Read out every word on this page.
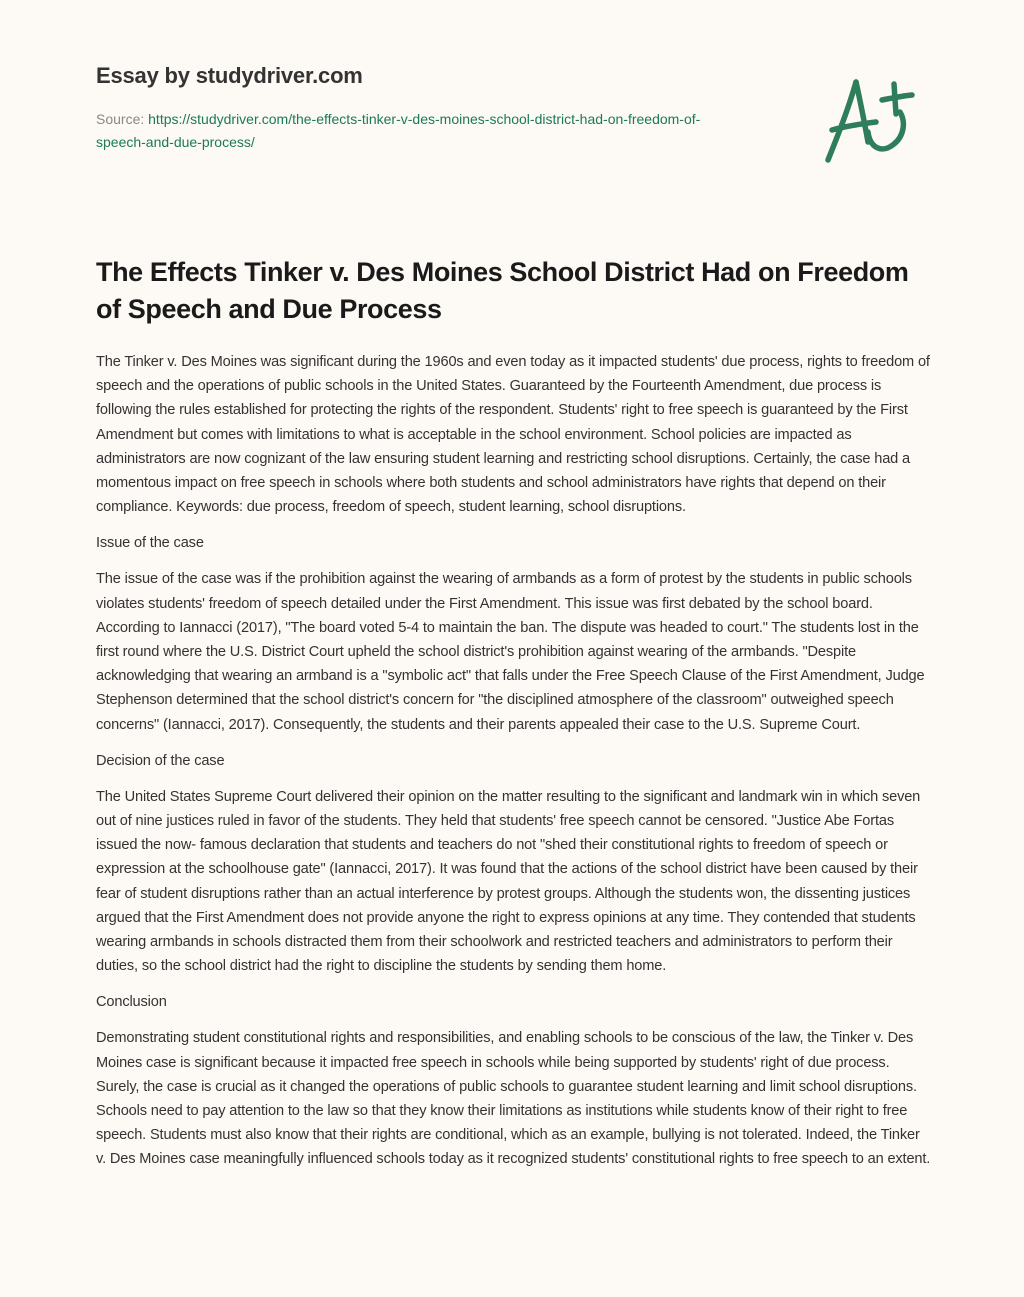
Essay by studydriver.com
Source: https://studydriver.com/the-effects-tinker-v-des-moines-school-district-had-on-freedom-of-speech-and-due-process/
The Effects Tinker v. Des Moines School District Had on Freedom of Speech and Due Process

The Tinker v. Des Moines was significant during the 1960s and even today as it impacted students' due process, rights to freedom of speech and the operations of public schools in the United States. Guaranteed by the Fourteenth Amendment, due process is following the rules established for protecting the rights of the respondent. Students' right to free speech is guaranteed by the First Amendment but comes with limitations to what is acceptable in the school environment. School policies are impacted as administrators are now cognizant of the law ensuring student learning and restricting school disruptions. Certainly, the case had a momentous impact on free speech in schools where both students and school administrators have rights that depend on their compliance. Keywords: due process, freedom of speech, student learning, school disruptions.

Issue of the case

The issue of the case was if the prohibition against the wearing of armbands as a form of protest by the students in public schools violates students' freedom of speech detailed under the First Amendment. This issue was first debated by the school board. According to Iannacci (2017), "The board voted 5-4 to maintain the ban. The dispute was headed to court." The students lost in the first round where the U.S. District Court upheld the school district's prohibition against wearing of the armbands. "Despite acknowledging that wearing an armband is a "symbolic act" that falls under the Free Speech Clause of the First Amendment, Judge Stephenson determined that the school district's concern for "the disciplined atmosphere of the classroom" outweighed speech concerns" (Iannacci, 2017). Consequently, the students and their parents appealed their case to the U.S. Supreme Court.

Decision of the case

The United States Supreme Court delivered their opinion on the matter resulting to the significant and landmark win in which seven out of nine justices ruled in favor of the students. They held that students' free speech cannot be censored. "Justice Abe Fortas issued the now- famous declaration that students and teachers do not "shed their constitutional rights to freedom of speech or expression at the schoolhouse gate" (Iannacci, 2017). It was found that the actions of the school district have been caused by their fear of student disruptions rather than an actual interference by protest groups. Although the students won, the dissenting justices argued that the First Amendment does not provide anyone the right to express opinions at any time. They contended that students wearing armbands in schools distracted them from their schoolwork and restricted teachers and administrators to perform their duties, so the school district had the right to discipline the students by sending them home.

Conclusion

Demonstrating student constitutional rights and responsibilities, and enabling schools to be conscious of the law, the Tinker v. Des Moines case is significant because it impacted free speech in schools while being supported by students' right of due process. Surely, the case is crucial as it changed the operations of public schools to guarantee student learning and limit school disruptions. Schools need to pay attention to the law so that they know their limitations as institutions while students know of their right to free speech. Students must also know that their rights are conditional, which as an example, bullying is not tolerated. Indeed, the Tinker v. Des Moines case meaningfully influenced schools today as it recognized students' constitutional rights to free speech to an extent.
